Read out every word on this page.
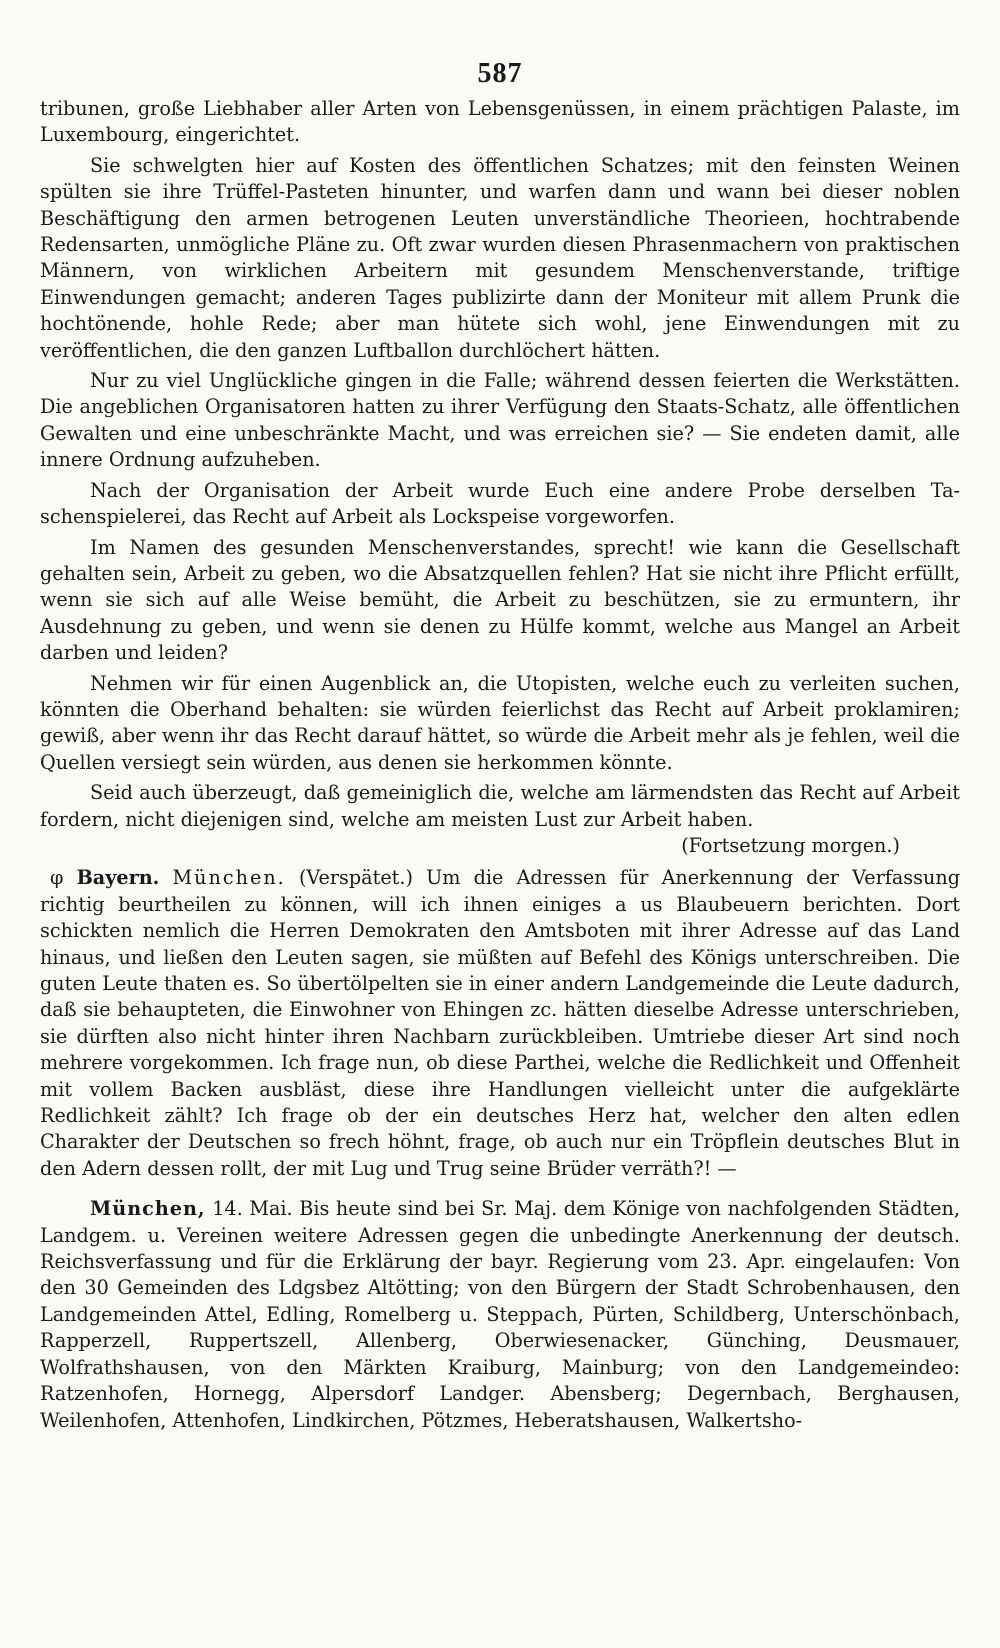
587

tribunen, große Liebhaber aller Arten von Lebensgenüssen, in einem prächtigen Palaste, im Luxembourg, eingerichtet.

Sie schwelgten hier auf Kosten des öffentlichen Schatzes; mit den feinsten Weinen spülten sie ihre Trüffel-Pasteten hinunter, und warfen dann und wann bei dieser noblen Beschäftigung den armen betrogenen Leuten unverständliche Theorieen, hochtrabende Redensarten, unmögliche Pläne zu. Oft zwar wurden diesen Phrasenmachern von praktischen Männern, von wirklichen Arbeitern mit gesundem Menschenverstande, triftige Einwendungen gemacht; anderen Tages publizirte dann der Moniteur mit allem Prunk die hochtönende, hohle Rede; aber man hütete sich wohl, jene Einwendungen mit zu veröffentlichen, die den ganzen Luftballon durchlöchert hätten.

Nur zu viel Unglückliche gingen in die Falle; während dessen feierten die Werkstätten. Die angeblichen Organisatoren hatten zu ihrer Verfügung den Staats-Schatz, alle öffentlichen Gewalten und eine unbeschränkte Macht, und was erreichen sie? — Sie endeten damit, alle innere Ordnung aufzuheben.

Nach der Organisation der Arbeit wurde Euch eine andere Probe derselben Taschenspielerei, das Recht auf Arbeit als Lockspeise vorgeworfen.

Im Namen des gesunden Menschenverstandes, sprecht! wie kann die Gesellschaft gehalten sein, Arbeit zu geben, wo die Absatzquellen fehlen? Hat sie nicht ihre Pflicht erfüllt, wenn sie sich auf alle Weise bemüht, die Arbeit zu beschützen, sie zu ermuntern, ihr Ausdehnung zu geben, und wenn sie denen zu Hülfe kommt, welche aus Mangel an Arbeit darben und leiden?

Nehmen wir für einen Augenblick an, die Utopisten, welche euch zu verleiten suchen, könnten die Oberhand behalten: sie würden feierlichst das Recht auf Arbeit proklamiren; gewiß, aber wenn ihr das Recht darauf hättet, so würde die Arbeit mehr als je fehlen, weil die Quellen versiegt sein würden, aus denen sie herkommen könnte.

Seid auch überzeugt, daß gemeiniglich die, welche am lärmendsten das Recht auf Arbeit fordern, nicht diejenigen sind, welche am meisten Lust zur Arbeit haben.

(Fortsetzung morgen.)

φ Bayern. München. (Verspätet.) Um die Adressen für Anerkennung der Verfassung richtig beurtheilen zu können, will ich ihnen einiges a us Blaubeuern berichten. Dort schickten nemlich die Herren Demokraten den Amtsboten mit ihrer Adresse auf das Land hinaus, und ließen den Leuten sagen, sie müßten auf Befehl des Königs unterschreiben. Die guten Leute thaten es. So übertölpelten sie in einer andern Landgemeinde die Leute dadurch, daß sie behaupteten, die Einwohner von Ehingen zc. hätten dieselbe Adresse unterschrieben, sie dürften also nicht hinter ihren Nachbarn zurückbleiben. Umtriebe dieser Art sind noch mehrere vorgekommen. Ich frage nun, ob diese Parthei, welche die Redlichkeit und Offenheit mit vollem Backen ausbläst, diese ihre Handlungen vielleicht unter die aufgeklärte Redlichkeit zählt? Ich frage ob der ein deutsches Herz hat, welcher den alten edlen Charakter der Deutschen so frech höhnt, frage, ob auch nur ein Tröpflein deutsches Blut in den Adern dessen rollt, der mit Lug und Trug seine Brüder verräth?! —

München, 14. Mai. Bis heute sind bei Sr. Maj. dem Könige von nachfolgenden Städten, Landgem. u. Vereinen weitere Adressen gegen die unbedingte Anerkennung der deutsch. Reichsverfassung und für die Erklärung der bayr. Regierung vom 23. Apr. eingelaufen: Von den 30 Gemeinden des Ldgsbez Altötting; von den Bürgern der Stadt Schrobenhausen, den Landgemeinden Attel, Edling, Romelberg u. Steppach, Pürten, Schildberg, Unterschönbach, Rapperzell, Ruppertszell, Allenberg, Oberwiesenacker, Günching, Deusmauer, Wolfrathshausen, von den Märkten Kraiburg, Mainburg; von den Landgemeindeo: Ratzenhofen, Hornegg, Alpersdorf Landger. Abensberg; Degernbach, Berghausen, Weilenhofen, Attenhofen, Lindkirchen, Pötzmes, Heberatshausen, Walkertsho-
